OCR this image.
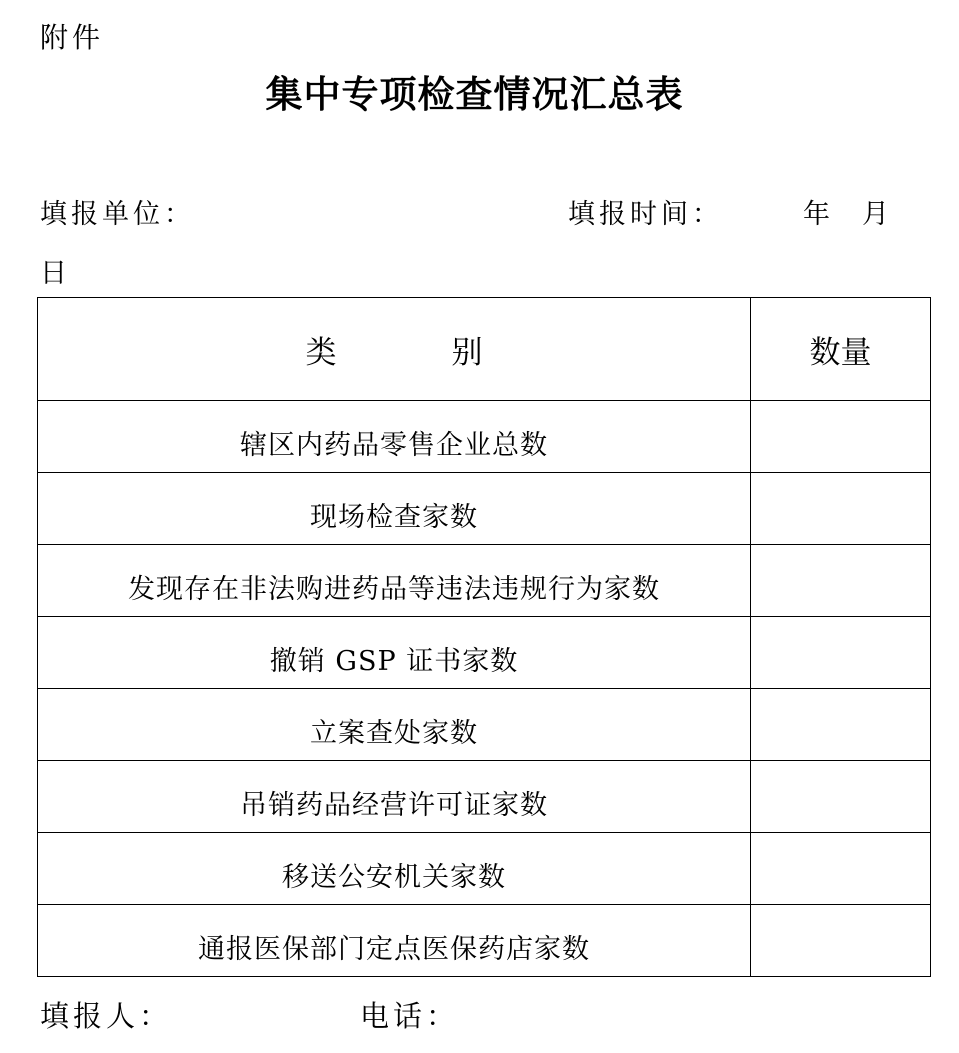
附件
集中专项检查情况汇总表
填报单位：	填报时间：	年 月
日
类 别	数量
辖区内药品零售企业总数	
现场检查家数	
发现存在非法购进药品等违法违规行为家数	
撤销 GSP 证书家数	
立案查处家数	
吊销药品经营许可证家数	
移送公安机关家数	
通报医保部门定点医保药店家数	
填报人：	电话：
